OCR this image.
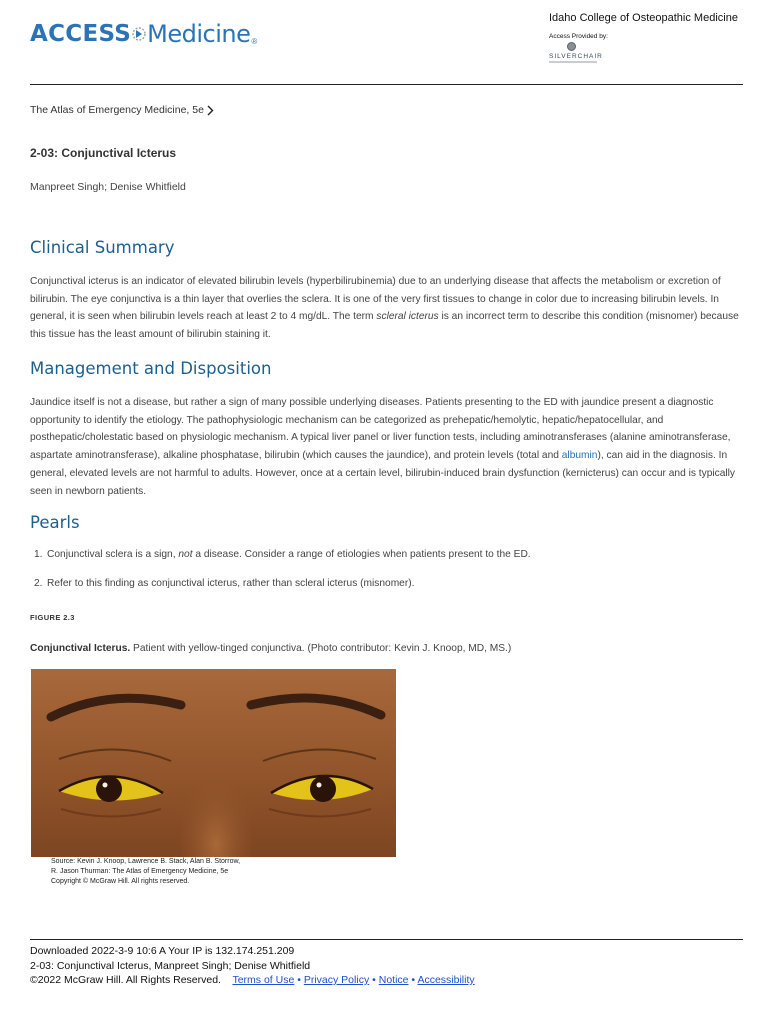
ACCESS Medicine ®
Idaho College of Osteopathic Medicine
Access Provided by:
SILVERCHAIR
The Atlas of Emergency Medicine, 5e
2-03: Conjunctival Icterus
Manpreet Singh; Denise Whitfield
Clinical Summary
Conjunctival icterus is an indicator of elevated bilirubin levels (hyperbilirubinemia) due to an underlying disease that affects the metabolism or excretion of bilirubin. The eye conjunctiva is a thin layer that overlies the sclera. It is one of the very first tissues to change in color due to increasing bilirubin levels. In general, it is seen when bilirubin levels reach at least 2 to 4 mg/dL. The term scleral icterus is an incorrect term to describe this condition (misnomer) because this tissue has the least amount of bilirubin staining it.
Management and Disposition
Jaundice itself is not a disease, but rather a sign of many possible underlying diseases. Patients presenting to the ED with jaundice present a diagnostic opportunity to identify the etiology. The pathophysiologic mechanism can be categorized as prehepatic/hemolytic, hepatic/hepatocellular, and posthepatic/cholestatic based on physiologic mechanism. A typical liver panel or liver function tests, including aminotransferases (alanine aminotransferase, aspartate aminotransferase), alkaline phosphatase, bilirubin (which causes the jaundice), and protein levels (total and albumin), can aid in the diagnosis. In general, elevated levels are not harmful to adults. However, once at a certain level, bilirubin-induced brain dysfunction (kernicterus) can occur and is typically seen in newborn patients.
Pearls
1. Conjunctival sclera is a sign, not a disease. Consider a range of etiologies when patients present to the ED.
2. Refer to this finding as conjunctival icterus, rather than scleral icterus (misnomer).
FIGURE 2.3
Conjunctival Icterus. Patient with yellow-tinged conjunctiva. (Photo contributor: Kevin J. Knoop, MD, MS.)
Source: Kevin J. Knoop, Lawrence B. Stack, Alan B. Storrow,
R. Jason Thurman: The Atlas of Emergency Medicine, 5e
Copyright © McGraw Hill. All rights reserved.
Downloaded 2022-3-9 10:6 A Your IP is 132.174.251.209
2-03: Conjunctival Icterus, Manpreet Singh; Denise Whitfield
©2022 McGraw Hill. All Rights Reserved. Terms of Use • Privacy Policy • Notice • Accessibility
